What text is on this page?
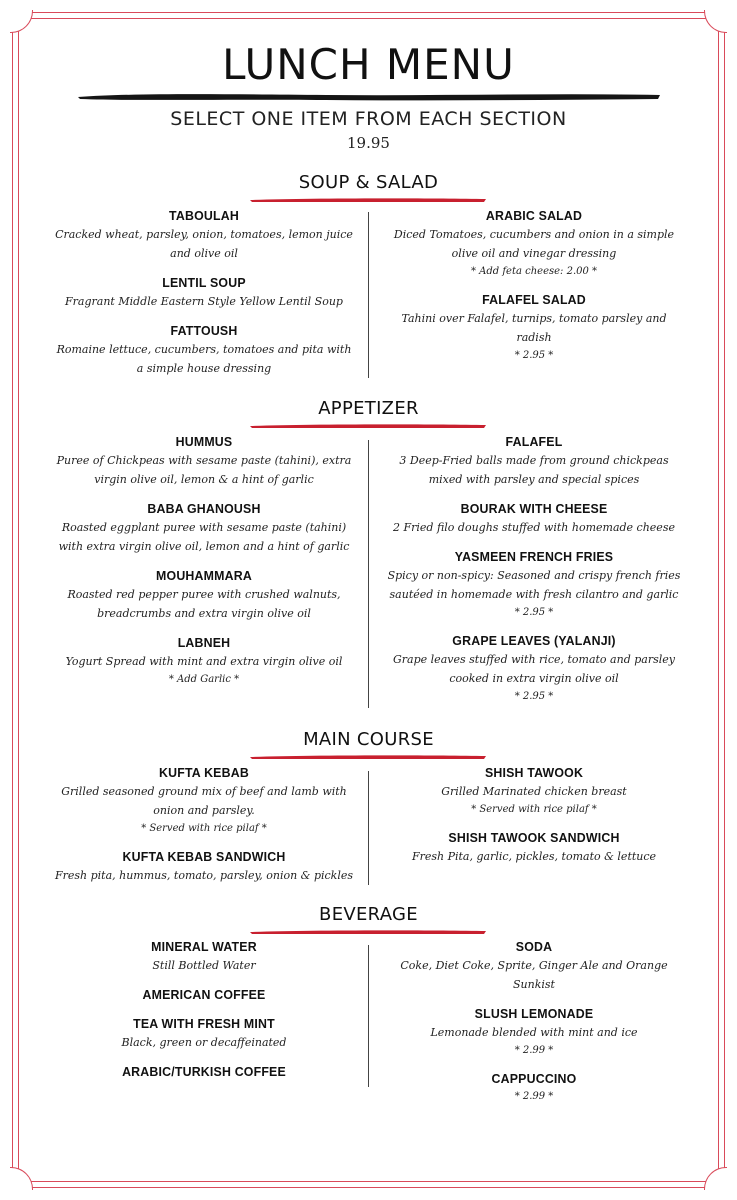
LUNCH MENU
SELECT ONE ITEM FROM EACH SECTION
19.95
SOUP & SALAD
TABOULAH
Cracked wheat, parsley, onion, tomatoes, lemon juice and olive oil
LENTIL SOUP
Fragrant Middle Eastern Style Yellow Lentil Soup
FATTOUSH
Romaine lettuce, cucumbers, tomatoes and pita with a simple house dressing
ARABIC SALAD
Diced Tomatoes, cucumbers and onion in a simple olive oil and vinegar dressing
* Add feta cheese: 2.00 *
FALAFEL SALAD
Tahini over Falafel, turnips, tomato parsley and radish
* 2.95 *
APPETIZER
HUMMUS
Puree of Chickpeas with sesame paste (tahini), extra virgin olive oil, lemon & a hint of garlic
BABA GHANOUSH
Roasted eggplant puree with sesame paste (tahini) with extra virgin olive oil, lemon and a hint of garlic
MOUHAMMARA
Roasted red pepper puree with crushed walnuts, breadcrumbs and extra virgin olive oil
LABNEH
Yogurt Spread with mint and extra virgin olive oil
* Add Garlic *
FALAFEL
3 Deep-Fried balls made from ground chickpeas mixed with parsley and special spices
BOURAK WITH CHEESE
2 Fried filo doughs stuffed with homemade cheese
YASMEEN FRENCH FRIES
Spicy or non-spicy: Seasoned and crispy french fries sautéed in homemade with fresh cilantro and garlic
* 2.95 *
GRAPE LEAVES (YALANJI)
Grape leaves stuffed with rice, tomato and parsley cooked in extra virgin olive oil
* 2.95 *
MAIN COURSE
KUFTA KEBAB
Grilled seasoned ground mix of beef and lamb with onion and parsley.
* Served with rice pilaf *
KUFTA KEBAB SANDWICH
Fresh pita, hummus, tomato, parsley, onion & pickles
SHISH TAWOOK
Grilled Marinated chicken breast
* Served with rice pilaf *
SHISH TAWOOK SANDWICH
Fresh Pita, garlic, pickles, tomato & lettuce
BEVERAGE
MINERAL WATER
Still Bottled Water
AMERICAN COFFEE
TEA WITH FRESH MINT
Black, green or decaffeinated
ARABIC/TURKISH COFFEE
SODA
Coke, Diet Coke, Sprite, Ginger Ale and Orange Sunkist
SLUSH LEMONADE
Lemonade blended with mint and ice
* 2.99 *
CAPPUCCINO
* 2.99 *
